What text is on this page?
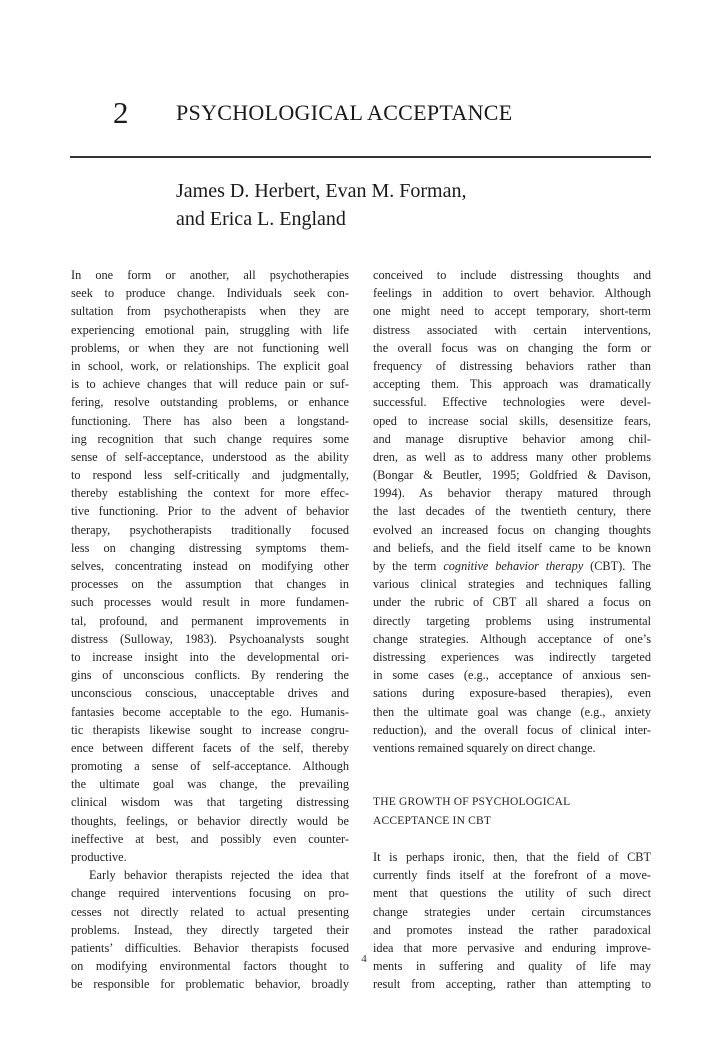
2 PSYCHOLOGICAL ACCEPTANCE
James D. Herbert, Evan M. Forman,
and Erica L. England
In one form or another, all psychotherapies
seek to produce change. Individuals seek con-
sultation from psychotherapists when they are
experiencing emotional pain, struggling with life
problems, or when they are not functioning well
in school, work, or relationships. The explicit goal
is to achieve changes that will reduce pain or suf-
fering, resolve outstanding problems, or enhance
functioning. There has also been a longstand-
ing recognition that such change requires some
sense of self-acceptance, understood as the ability
to respond less self-critically and judgmentally,
thereby establishing the context for more effec-
tive functioning. Prior to the advent of behavior
therapy, psychotherapists traditionally focused
less on changing distressing symptoms them-
selves, concentrating instead on modifying other
processes on the assumption that changes in
such processes would result in more fundamen-
tal, profound, and permanent improvements in
distress (Sulloway, 1983). Psychoanalysts sought
to increase insight into the developmental ori-
gins of unconscious conflicts. By rendering the
unconscious conscious, unacceptable drives and
fantasies become acceptable to the ego. Humanis-
tic therapists likewise sought to increase congru-
ence between different facets of the self, thereby
promoting a sense of self-acceptance. Although
the ultimate goal was change, the prevailing
clinical wisdom was that targeting distressing
thoughts, feelings, or behavior directly would be
ineffective at best, and possibly even counter-
productive.
Early behavior therapists rejected the idea that
change required interventions focusing on pro-
cesses not directly related to actual presenting
problems. Instead, they directly targeted their
patients’ difficulties. Behavior therapists focused
on modifying environmental factors thought to
be responsible for problematic behavior, broadly
conceived to include distressing thoughts and
feelings in addition to overt behavior. Although
one might need to accept temporary, short-term
distress associated with certain interventions,
the overall focus was on changing the form or
frequency of distressing behaviors rather than
accepting them. This approach was dramatically
successful. Effective technologies were devel-
oped to increase social skills, desensitize fears,
and manage disruptive behavior among chil-
dren, as well as to address many other problems
(Bongar & Beutler, 1995; Goldfried & Davison,
1994). As behavior therapy matured through
the last decades of the twentieth century, there
evolved an increased focus on changing thoughts
and beliefs, and the field itself came to be known
by the term cognitive behavior therapy (CBT). The
various clinical strategies and techniques falling
under the rubric of CBT all shared a focus on
directly targeting problems using instrumental
change strategies. Although acceptance of one’s
distressing experiences was indirectly targeted
in some cases (e.g., acceptance of anxious sen-
sations during exposure-based therapies), even
then the ultimate goal was change (e.g., anxiety
reduction), and the overall focus of clinical inter-
ventions remained squarely on direct change.
THE GROWTH OF PSYCHOLOGICAL
ACCEPTANCE IN CBT
It is perhaps ironic, then, that the field of CBT
currently finds itself at the forefront of a move-
ment that questions the utility of such direct
change strategies under certain circumstances
and promotes instead the rather paradoxical
idea that more pervasive and enduring improve-
ments in suffering and quality of life may
result from accepting, rather than attempting to
4
